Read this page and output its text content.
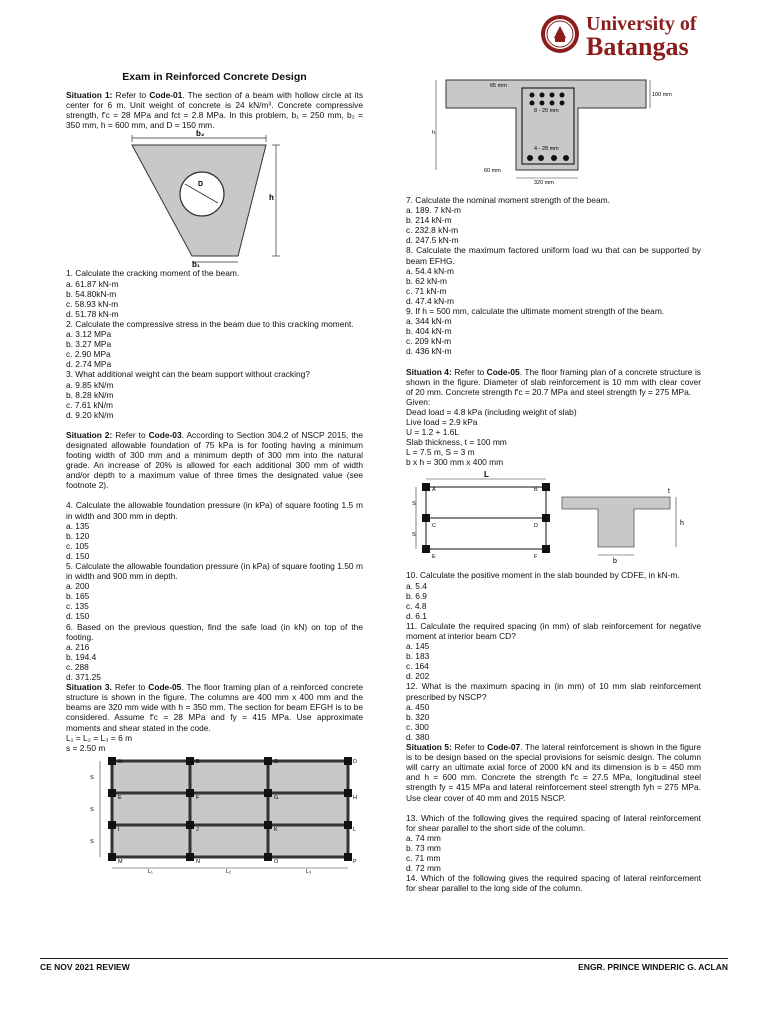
University of
Batangas
Exam in Reinforced Concrete Design

Situation 1: Refer to Code-01. The section of a beam with hollow circle at its center for 6 m. Unit weight of concrete is 24 kN/m³. Concrete compressive strength, f'c = 28 MPa and fct = 2.8 MPa. In this problem, b₁ = 250 mm, b₂ = 350 mm, h = 600 mm, and D = 150 mm.

b₂
h
D
b₁
1. Calculate the cracking moment of the beam.
a. 61.87 kN-m
b. 54.80kN-m
c. 58.93 kN-m
d. 51.78 kN-m

2. Calculate the compressive stress in the beam due to this cracking moment.

a. 3.12 MPa
b. 3.27 MPa
c. 2.90 MPa
d. 2.74 MPa
3. What additional weight can the beam support without cracking?
a. 9.85 kN/m
b. 8.28 kN/m
c. 7.61 kN/m
d. 9.20 kN/m

Situation 2: Refer to Code-03. According to Section 304.2 of NSCP 2015, the designated allowable foundation of 75 kPa is for footing having a minimum footing width of 300 mm and a minimum depth of 300 mm into the natural grade. An increase of 20% is allowed for each additional 300 mm of width and/or depth to a maximum value of three times the designated value (see footnote 2).

4. Calculate the allowable foundation pressure (in kPa) of square footing 1.5 m in width and 300 mm in depth.

a. 135
b. 120
c. 105
d. 150

5. Calculate the allowable foundation pressure (in kPa) of square footing 1.50 m in width and 900 mm in depth.

a. 200
b. 165
c. 135
d. 150

6. Based on the previous question, find the safe load (in kN) on top of the footing.

a. 216
b. 194.4
c. 288
d. 371.25

Situation 3. Refer to Code-05. The floor framing plan of a reinforced concrete structure is shown in the figure. The columns are 400 mm x 400 mm and the beams are 320 mm wide with h = 350 mm. The section for beam EFGH is to be considered. Assume f'c = 28 MPa and fy = 415 MPa. Use approximate moments and shear stated in the code.

L₁ = L₂ = L₃ = 6 m
s = 2.50 m
A	B	C	D
E	F	G	H
I	J	K	L
M	N	O	P
S
S
S
L₁	L₂	L₃
65 mm
100 mm
h
8 - 20 mm
4 - 28 mm
60 mm
320 mm
7. Calculate the nominal moment strength of the beam.
a. 189. 7 kN-m
b. 214 kN-m
c. 232.8 kN-m
d. 247.5 kN-m

8. Calculate the maximum factored uniform load wu that can be supported by beam EFHG.

a. 54.4 kN-m
b. 62 kN-m
c. 71 kN-m
d. 47.4 kN-m

9. If h = 500 mm, calculate the ultimate moment strength of the beam.

a. 344 kN-m
b. 404 kN-m
c. 209 kN-m
d. 436 kN-m

Situation 4: Refer to Code-05. The floor framing plan of a concrete structure is shown in the figure. Diameter of slab reinforcement is 10 mm with clear cover of 20 mm. Concrete strength f'c = 20.7 MPa and steel strength fy = 275 MPa.

Given:
Dead load = 4.8 kPa (including weight of slab)
Live load = 2.9 kPa
U = 1.2 + 1.6L
Slab thickness, t = 100 mm
L = 7.5 m, S = 3 m
b x h = 300 mm x 400 mm
L
A	B
C	D
E	F
S
S
t
h
b

10. Calculate the positive moment in the slab bounded by CDFE, in kN-m.

a. 5.4
b. 6.9
c. 4.8
d. 6.1

11. Calculate the required spacing (in mm) of slab reinforcement for negative moment at interior beam CD?

a. 145
b. 183
c. 164
d. 202

12. What is the maximum spacing in (in mm) of 10 mm slab reinforcement prescribed by NSCP?

a. 450
b. 320
c. 300
d. 380

Situation 5: Refer to Code-07. The lateral reinforcement is shown in the figure is to be design based on the special provisions for seismic design. The column will carry an ultimate axial force of 2000 kN and its dimension is b = 450 mm and h = 600 mm. Concrete the strength f'c = 27.5 MPa, longitudinal steel strength fy = 415 MPa and lateral reinforcement steel strength fyh = 275 MPa. Use clear cover of 40 mm and 2015 NSCP.

13. Which of the following gives the required spacing of lateral reinforcement for shear parallel to the short side of the column.

a. 74 mm
b. 73 mm
c. 71 mm
d. 72 mm

14. Which of the following gives the required spacing of lateral reinforcement for shear parallel to the long side of the column.

CE NOV 2021 REVIEW	ENGR. PRINCE WINDERIC G. ACLAN
